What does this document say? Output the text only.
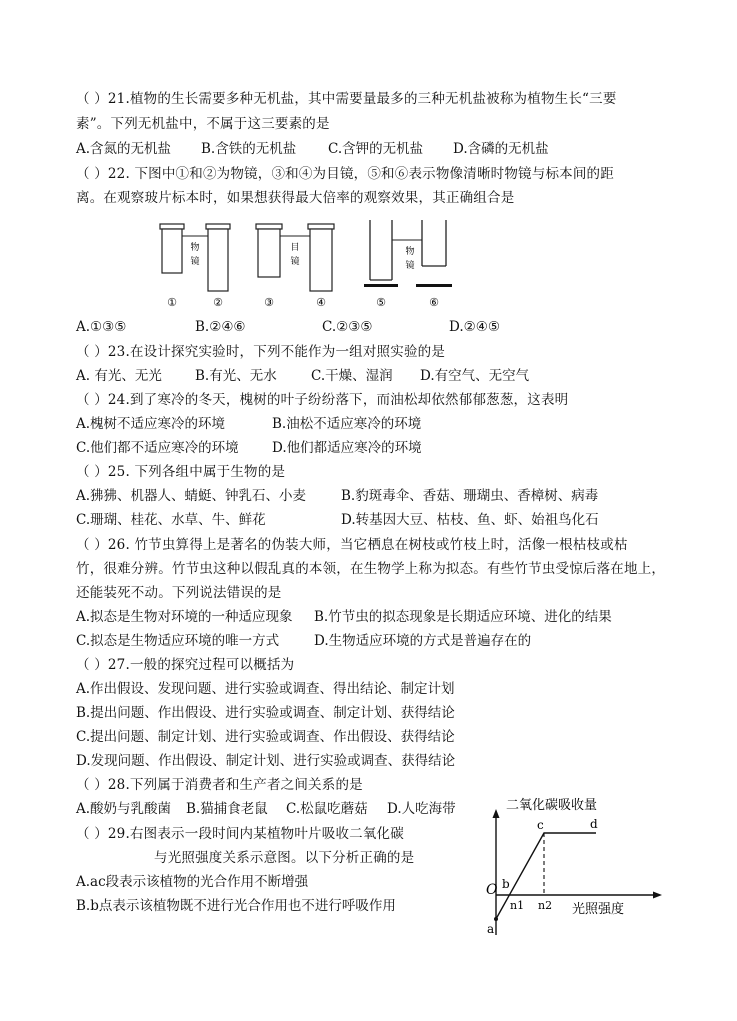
（ ）21.植物的生长需要多种无机盐，其中需要量最多的三种无机盐被称为植物生长“三要
素”。下列无机盐中，不属于这三要素的是
A.含氮的无机盐 B.含铁的无机盐 C.含钾的无机盐 D.含磷的无机盐
（ ）22. 下图中①和②为物镜，③和④为目镜，⑤和⑥表示物像清晰时物镜与标本间的距
离。在观察玻片标本时，如果想获得最大倍率的观察效果，其正确组合是
物
镜
目
镜
物
镜
①	②	③	④	⑤	⑥
A.①③⑤	B.②④⑥	C.②③⑤	D.②④⑤
（ ）23.在设计探究实验时，下列不能作为一组对照实验的是
A. 有光、无光 B.有光、无水	C.干燥、湿润 D.有空气、无空气
（ ）24.到了寒冷的冬天，槐树的叶子纷纷落下，而油松却依然郁郁葱葱，这表明
A.槐树不适应寒冷的环境	B.油松不适应寒冷的环境
C.他们都不适应寒冷的环境 D.他们都适应寒冷的环境
（ ）25. 下列各组中属于生物的是
A.狒狒、机器人、蜻蜓、钟乳石、小麦	B.豹斑毒伞、香菇、珊瑚虫、香樟树、病毒
C.珊瑚、桂花、水草、牛、鲜花	D.转基因大豆、枯枝、鱼、虾、始祖鸟化石
（ ）26. 竹节虫算得上是著名的伪装大师，当它栖息在树枝或竹枝上时，活像一根枯枝或枯
竹，很难分辨。竹节虫这种以假乱真的本领，在生物学上称为拟态。有些竹节虫受惊后落在地上，
还能装死不动。下列说法错误的是
A.拟态是生物对环境的一种适应现象 B.竹节虫的拟态现象是长期适应环境、进化的结果
C.拟态是生物适应环境的唯一方式	D.生物适应环境的方式是普遍存在的
（ ）27.一般的探究过程可以概括为
A.作出假设、发现问题、进行实验或调查、得出结论、制定计划
B.提出问题、作出假设、进行实验或调查、制定计划、获得结论
C.提出问题、制定计划、进行实验或调查、作出假设、获得结论
D.发现问题、作出假设、制定计划、进行实验或调查、获得结论
（ ）28.下列属于消费者和生产者之间关系的是
A.酸奶与乳酸菌 B.猫捕食老鼠 C.松鼠吃蘑菇 D.人吃海带
（ ）29.右图表示一段时间内某植物叶片吸收二氧化碳
与光照强度关系示意图。以下分析正确的是
A.ac段表示该植物的光合作用不断增强
B.b点表示该植物既不进行光合作用也不进行呼吸作用
二氧化碳吸收量
O
a
b
c	d
n1 n2 光照强度
